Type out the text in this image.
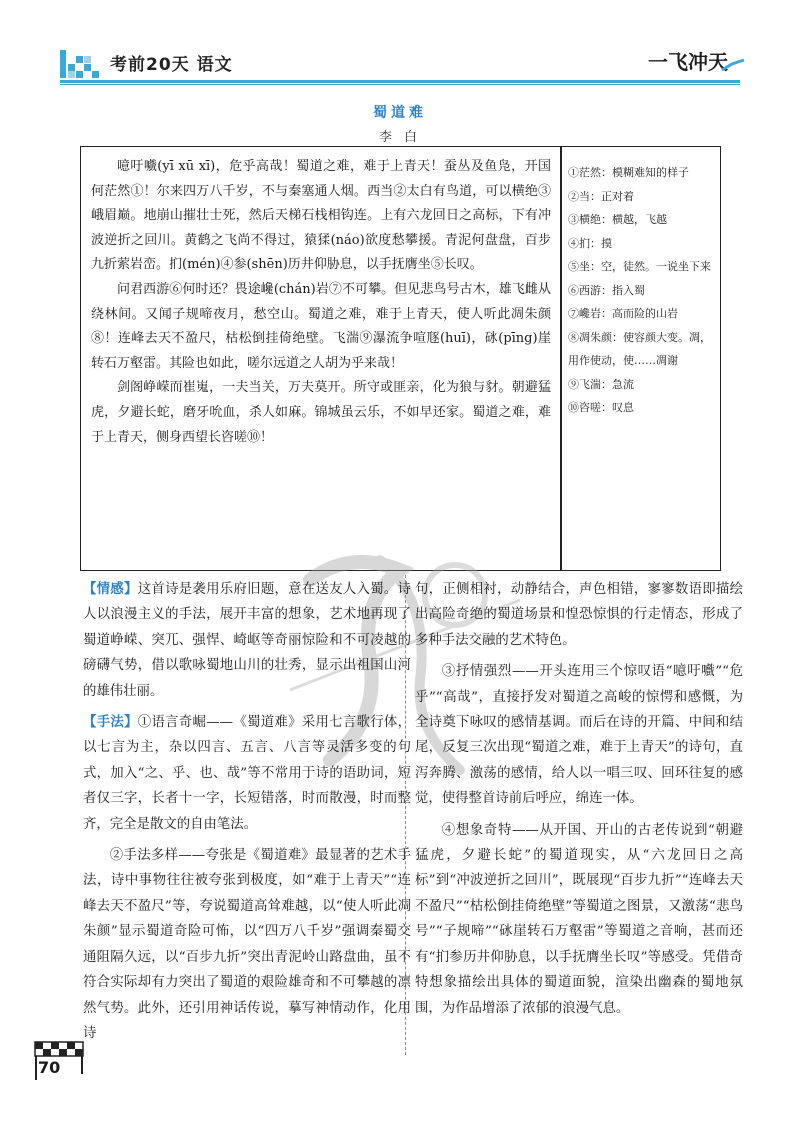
考前20天 语文	一飞冲天
蜀道难
李 白

噫吁嚱(yī xū xī)，危乎高哉！蜀道之难，难于上青天！蚕丛及鱼凫，开国何茫然①！尔来四万八千岁，不与秦塞通人烟。西当②太白有鸟道，可以横绝③峨眉巅。地崩山摧壮士死，然后天梯石栈相钩连。上有六龙回日之高标，下有冲波逆折之回川。黄鹤之飞尚不得过，猿猱(náo)欲度愁攀援。青泥何盘盘，百步九折萦岩峦。扪(mén)④参(shēn)历井仰胁息，以手抚膺坐⑤长叹。

问君西游⑥何时还？畏途巉(chán)岩⑦不可攀。但见悲鸟号古木，雄飞雌从绕林间。又闻子规啼夜月，愁空山。蜀道之难，难于上青天，使人听此凋朱颜⑧！连峰去天不盈尺，枯松倒挂倚绝壁。飞湍⑨瀑流争喧豗(huī)，砯(pīng)崖转石万壑雷。其险也如此，嗟尔远道之人胡为乎来哉！

剑阁峥嵘而崔嵬，一夫当关，万夫莫开。所守或匪亲，化为狼与豺。朝避猛虎，夕避长蛇，磨牙吮血，杀人如麻。锦城虽云乐，不如早还家。蜀道之难，难于上青天，侧身西望长咨嗟⑩！

①茫然：模糊难知的样子
②当：正对着
③横绝：横越，飞越
④扪：摸
⑤坐：空，徒然。一说坐下来
⑥西游：指入蜀
⑦巉岩：高而险的山岩
⑧凋朱颜：使容颜大变。凋，用作使动，使……凋谢
⑨飞湍：急流
⑩咨嗟：叹息

【情感】这首诗是袭用乐府旧题，意在送友人入蜀。诗人以浪漫主义的手法，展开丰富的想象，艺术地再现了蜀道峥嵘、突兀、强悍、崎岖等奇丽惊险和不可凌越的磅礴气势，借以歌咏蜀地山川的壮秀，显示出祖国山河的雄伟壮丽。

【手法】①语言奇崛——《蜀道难》采用七言歌行体，以七言为主，杂以四言、五言、八言等灵活多变的句式，加入“之、乎、也、哉”等不常用于诗的语助词，短者仅三字，长者十一字，长短错落，时而散漫，时而整齐，完全是散文的自由笔法。

②手法多样——夸张是《蜀道难》最显著的艺术手法，诗中事物往往被夸张到极度，如“难于上青天”“连峰去天不盈尺”等，夸说蜀道高耸难越，以“使人听此凋朱颜”显示蜀道奇险可怖，以“四万八千岁”强调秦蜀交通阻隔久远，以“百步九折”突出青泥岭山路盘曲，虽不符合实际却有力突出了蜀道的艰险雄奇和不可攀越的凛然气势。此外，还引用神话传说，摹写神情动作，化用诗

句，正侧相衬，动静结合，声色相错，寥寥数语即描绘出高险奇绝的蜀道场景和惶恐惊惧的行走情态，形成了多种手法交融的艺术特色。

③抒情强烈——开头连用三个惊叹语“噫吁嚱”“危乎”“高哉”，直接抒发对蜀道之高峻的惊愕和感慨，为全诗奠下咏叹的感情基调。而后在诗的开篇、中间和结尾，反复三次出现“蜀道之难，难于上青天”的诗句，直泻奔腾、激荡的感情，给人以一唱三叹、回环往复的感觉，使得整首诗前后呼应，绵连一体。

④想象奇特——从开国、开山的古老传说到“朝避猛虎，夕避长蛇”的蜀道现实，从“六龙回日之高标”到“冲波逆折之回川”，既展现“百步九折”“连峰去天不盈尺”“枯松倒挂倚绝壁”等蜀道之图景，又激荡“悲鸟号”“子规啼”“砯崖转石万壑雷”等蜀道之音响，甚而还有“扪参历井仰胁息，以手抚膺坐长叹”等感受。凭借奇特想象描绘出具体的蜀道面貌，渲染出幽森的蜀地氛围，为作品增添了浓郁的浪漫气息。

70
